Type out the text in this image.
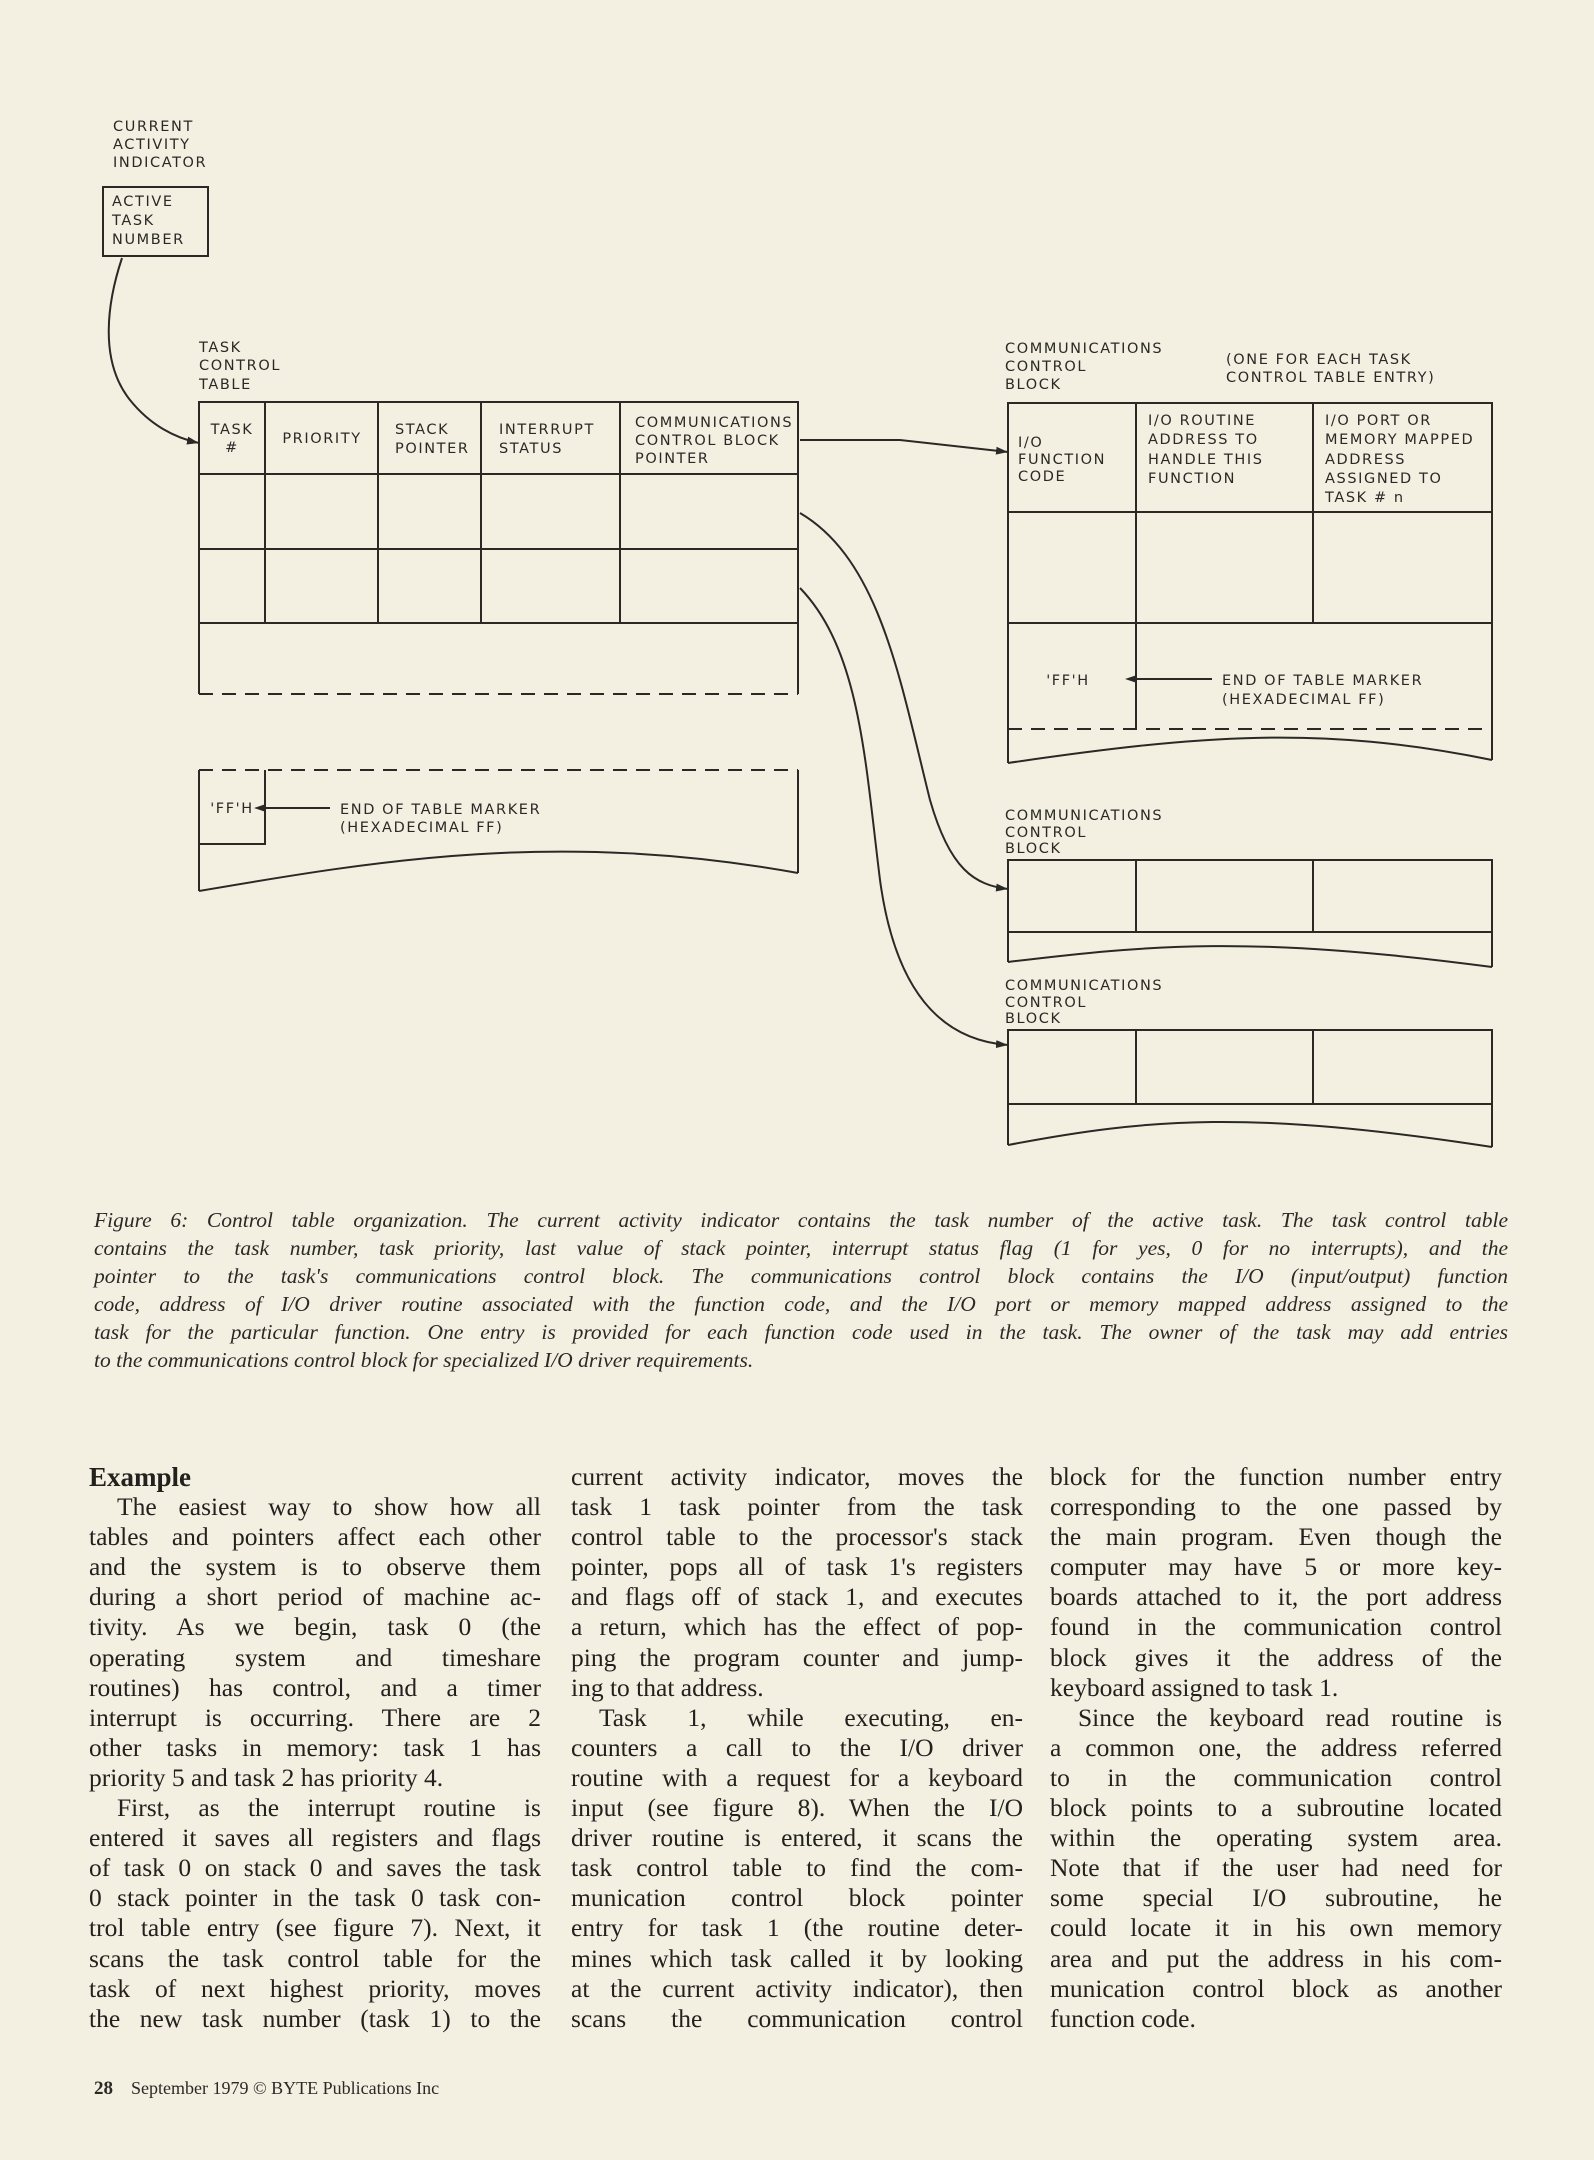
CURRENT
ACTIVITY
INDICATOR
ACTIVE
TASK
NUMBER
TASK
CONTROL
TABLE
TASK
#
PRIORITY
STACK
POINTER
INTERRUPT
STATUS
COMMUNICATIONS
CONTROL BLOCK
POINTER
'FF'H	END OF TABLE MARKER
(HEXADECIMAL FF)
COMMUNICATIONS
CONTROL
BLOCK
(ONE FOR EACH TASK
CONTROL TABLE ENTRY)
I/O
FUNCTION
CODE
I/O ROUTINE
ADDRESS TO
HANDLE THIS
FUNCTION
I/O PORT OR
MEMORY MAPPED
ADDRESS
ASSIGNED TO
TASK # n
'FF'H	END OF TABLE MARKER
(HEXADECIMAL FF)
COMMUNICATIONS
CONTROL
BLOCK
COMMUNICATIONS
CONTROL
BLOCK
Figure 6: Control table organization. The current activity indicator contains the task number of the active task. The task control table
contains the task number, task priority, last value of stack pointer, interrupt status flag (1 for yes, 0 for no interrupts), and the
pointer to the task's communications control block. The communications control block contains the I/O (input/output) function
code, address of I/O driver routine associated with the function code, and the I/O port or memory mapped address assigned to the
task for the particular function. One entry is provided for each function code used in the task. The owner of the task may add entries
to the communications control block for specialized I/O driver requirements.
Example
The easiest way to show how all
tables and pointers affect each other
and the system is to observe them
during a short period of machine ac-
tivity. As we begin, task 0 (the
operating system and timeshare
routines) has control, and a timer
interrupt is occurring. There are 2
other tasks in memory: task 1 has
priority 5 and task 2 has priority 4.
First, as the interrupt routine is
entered it saves all registers and flags
of task 0 on stack 0 and saves the task
0 stack pointer in the task 0 task con-
trol table entry (see figure 7). Next, it
scans the task control table for the
task of next highest priority, moves
the new task number (task 1) to the
current activity indicator, moves the
task 1 task pointer from the task
control table to the processor's stack
pointer, pops all of task 1's registers
and flags off of stack 1, and executes
a return, which has the effect of pop-
ping the program counter and jump-
ing to that address.
Task 1, while executing, en-
counters a call to the I/O driver
routine with a request for a keyboard
input (see figure 8). When the I/O
driver routine is entered, it scans the
task control table to find the com-
munication control block pointer
entry for task 1 (the routine deter-
mines which task called it by looking
at the current activity indicator), then
scans the communication control
block for the function number entry
corresponding to the one passed by
the main program. Even though the
computer may have 5 or more key-
boards attached to it, the port address
found in the communication control
block gives it the address of the
keyboard assigned to task 1.
Since the keyboard read routine is
a common one, the address referred
to in the communication control
block points to a subroutine located
within the operating system area.
Note that if the user had need for
some special I/O subroutine, he
could locate it in his own memory
area and put the address in his com-
munication control block as another
function code.
28 September 1979 © BYTE Publications Inc
